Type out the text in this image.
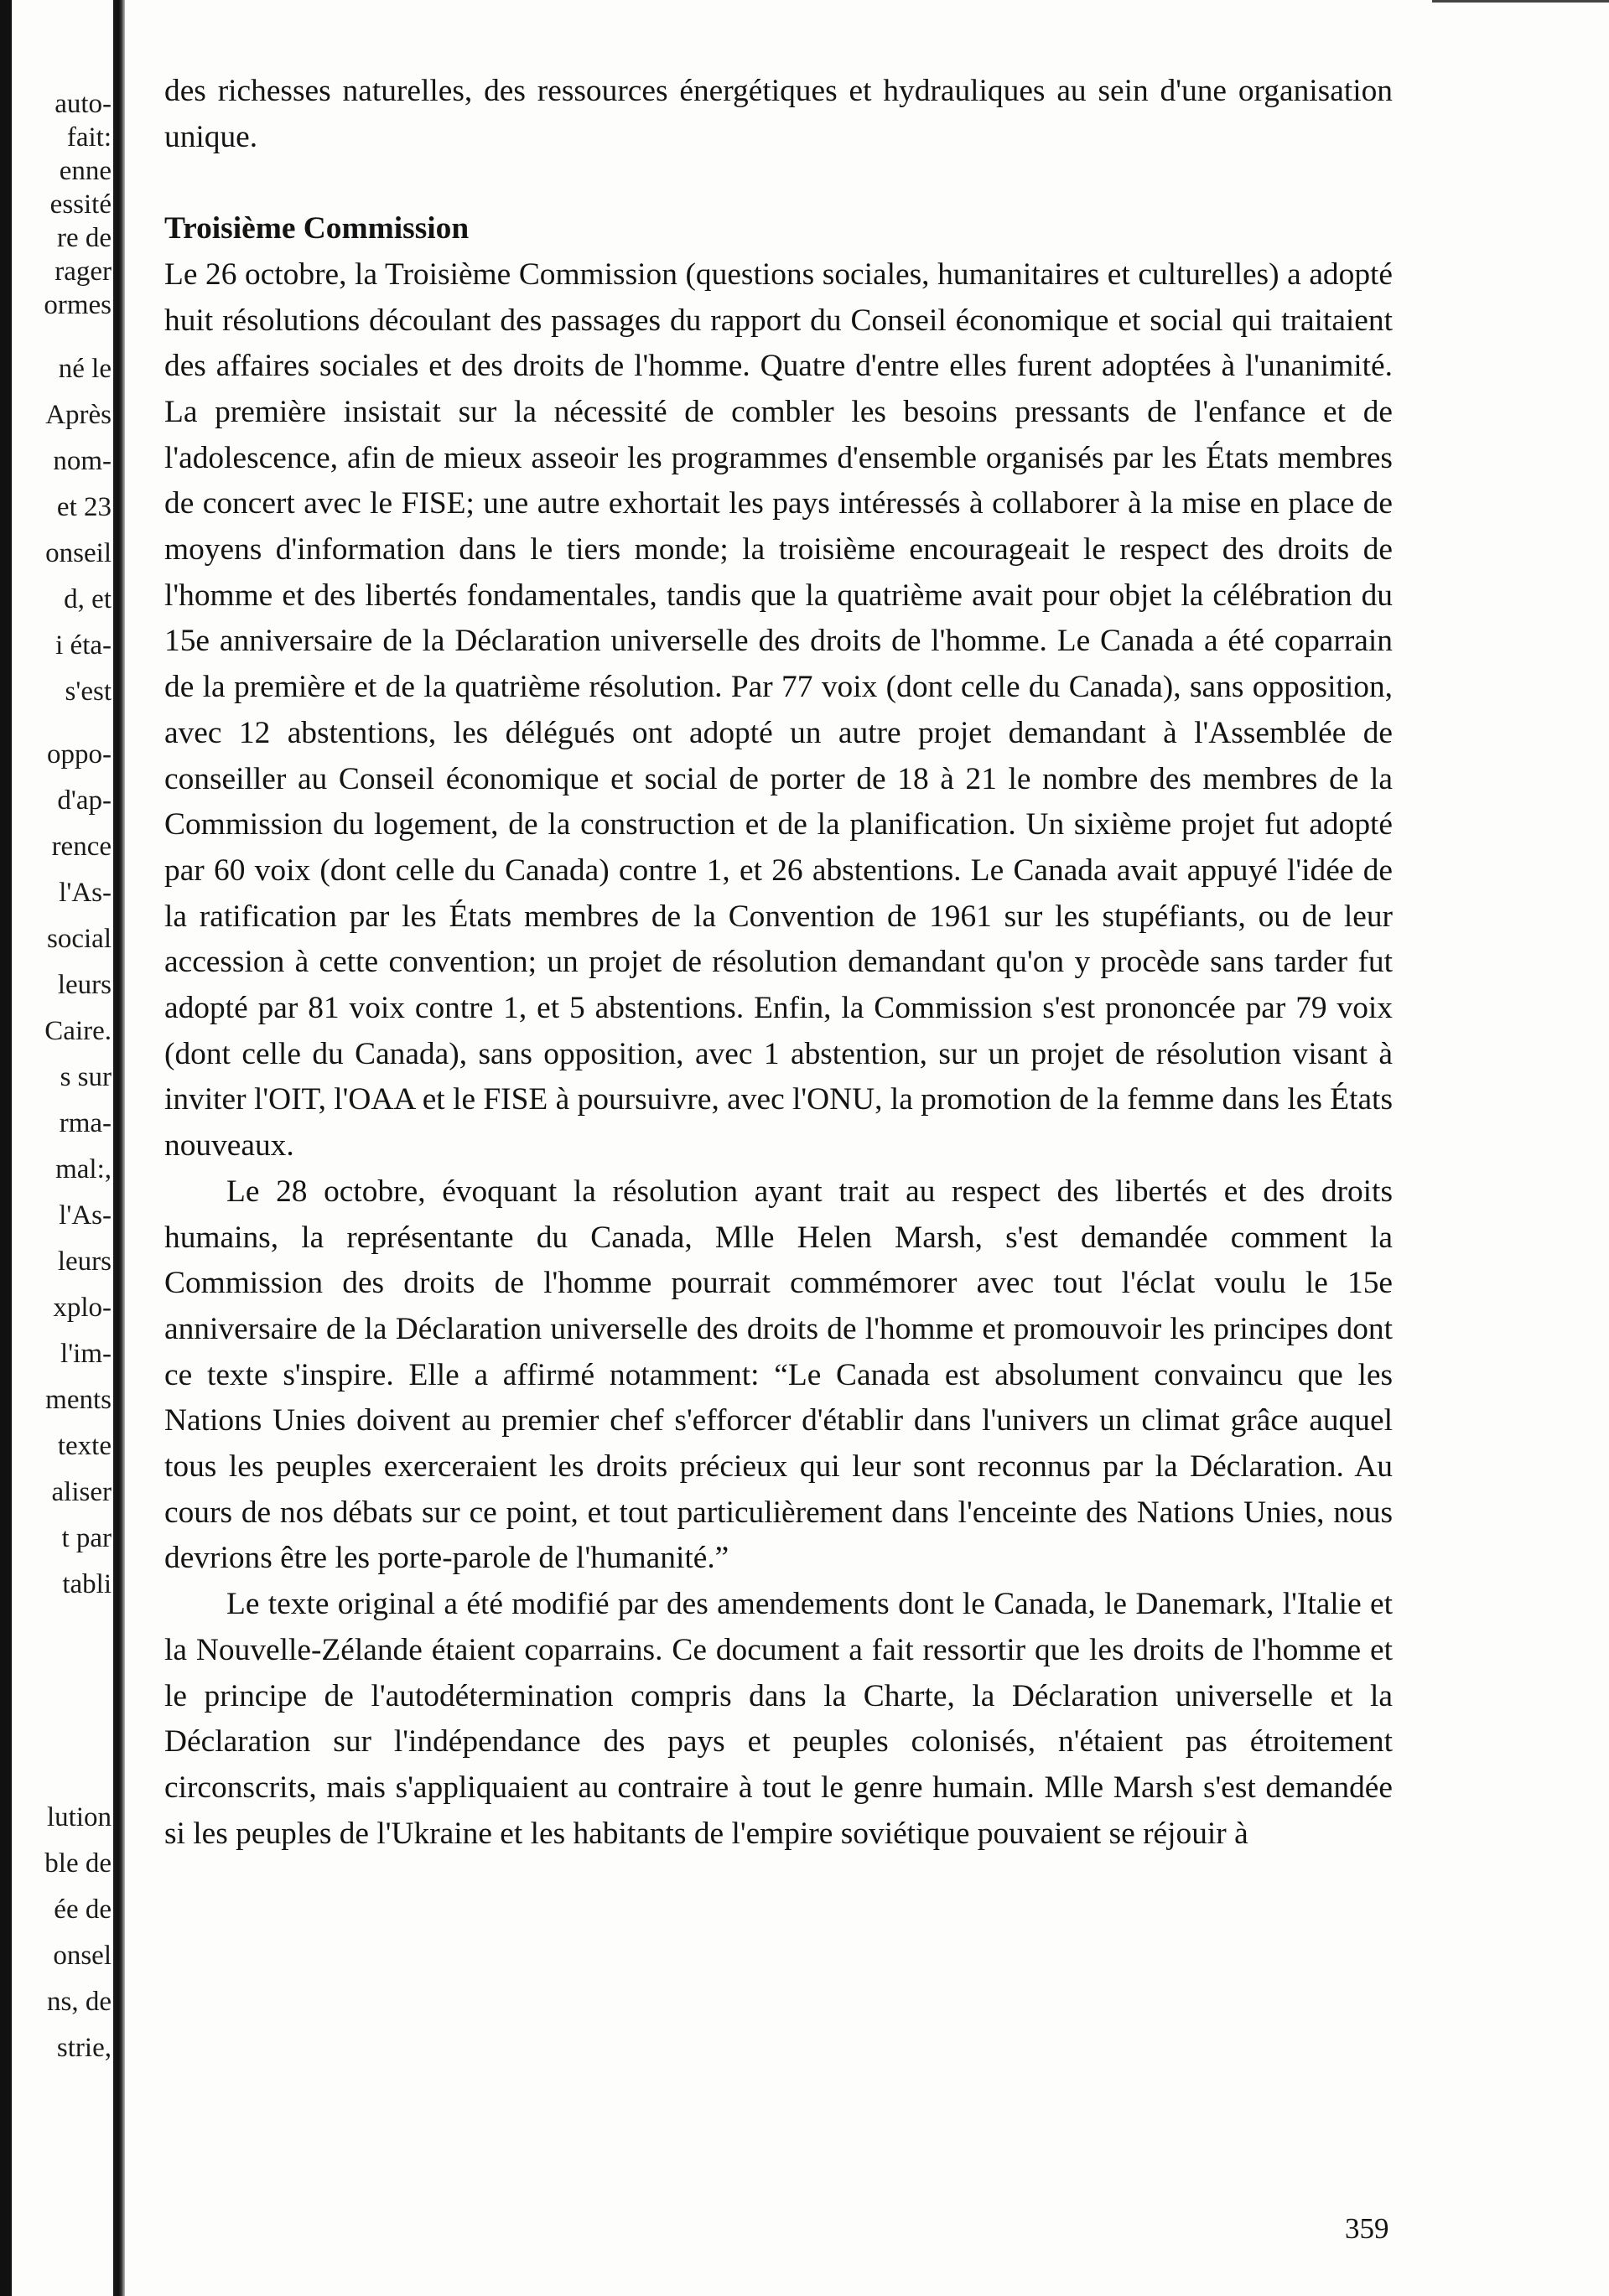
auto-
fait:
enne
essité
re de
rager
ormes
né le
Après
nom-
et 23
onseil
d, et
i éta-
s'est
oppo-
d'ap-
rence
l'As-
social
leurs
Caire.
s sur
rma-
mal:,
l'As-
leurs
xplo-
l'im-
ments
texte
aliser
t par
tabli
lution
ble de
ée de
onsel
ns, de
strie,

des richesses naturelles, des ressources énergétiques et hydrauliques au sein d'une organisation unique.

Troisième Commission

Le 26 octobre, la Troisième Commission (questions sociales, humanitaires et culturelles) a adopté huit résolutions découlant des passages du rapport du Conseil économique et social qui traitaient des affaires sociales et des droits de l'homme. Quatre d'entre elles furent adoptées à l'unanimité. La première insistait sur la nécessité de combler les besoins pressants de l'enfance et de l'adolescence, afin de mieux asseoir les programmes d'ensemble organisés par les États membres de concert avec le FISE; une autre exhortait les pays intéressés à collaborer à la mise en place de moyens d'information dans le tiers monde; la troisième encourageait le respect des droits de l'homme et des libertés fondamentales, tandis que la quatrième avait pour objet la célébration du 15e anniversaire de la Déclaration universelle des droits de l'homme. Le Canada a été coparrain de la première et de la quatrième résolution. Par 77 voix (dont celle du Canada), sans opposition, avec 12 abstentions, les délégués ont adopté un autre projet demandant à l'Assemblée de conseiller au Conseil économique et social de porter de 18 à 21 le nombre des membres de la Commission du logement, de la construction et de la planification. Un sixième projet fut adopté par 60 voix (dont celle du Canada) contre 1, et 26 abstentions. Le Canada avait appuyé l'idée de la ratification par les États membres de la Convention de 1961 sur les stupéfiants, ou de leur accession à cette convention; un projet de résolution demandant qu'on y procède sans tarder fut adopté par 81 voix contre 1, et 5 abstentions. Enfin, la Commission s'est prononcée par 79 voix (dont celle du Canada), sans opposition, avec 1 abstention, sur un projet de résolution visant à inviter l'OIT, l'OAA et le FISE à poursuivre, avec l'ONU, la promotion de la femme dans les États nouveaux.

Le 28 octobre, évoquant la résolution ayant trait au respect des libertés et des droits humains, la représentante du Canada, Mlle Helen Marsh, s'est demandée comment la Commission des droits de l'homme pourrait commémorer avec tout l'éclat voulu le 15e anniversaire de la Déclaration universelle des droits de l'homme et promouvoir les principes dont ce texte s'inspire. Elle a affirmé notamment: “Le Canada est absolument convaincu que les Nations Unies doivent au premier chef s'efforcer d'établir dans l'univers un climat grâce auquel tous les peuples exerceraient les droits précieux qui leur sont reconnus par la Déclaration. Au cours de nos débats sur ce point, et tout particulièrement dans l'enceinte des Nations Unies, nous devrions être les porte-parole de l'humanité.”

Le texte original a été modifié par des amendements dont le Canada, le Danemark, l'Italie et la Nouvelle-Zélande étaient coparrains. Ce document a fait ressortir que les droits de l'homme et le principe de l'autodétermination compris dans la Charte, la Déclaration universelle et la Déclaration sur l'indépendance des pays et peuples colonisés, n'étaient pas étroitement circonscrits, mais s'appliquaient au contraire à tout le genre humain. Mlle Marsh s'est demandée si les peuples de l'Ukraine et les habitants de l'empire soviétique pouvaient se réjouir à

359
